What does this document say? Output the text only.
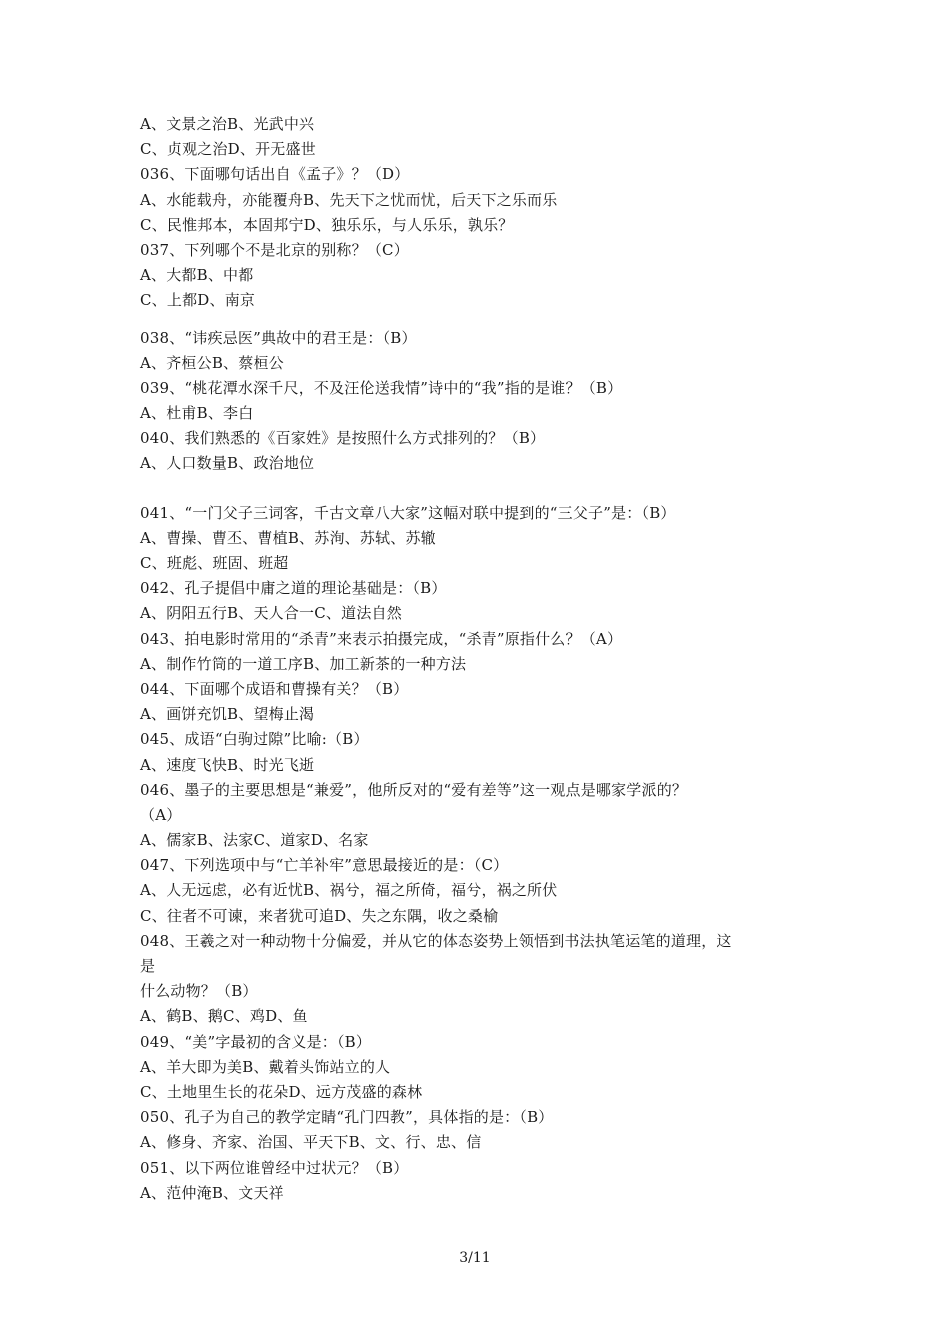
A、文景之治B、光武中兴
C、贞观之治D、开无盛世
036、下面哪句话出自《孟子》？（D）
A、水能载舟，亦能覆舟B、先天下之忧而忧，后天下之乐而乐
C、民惟邦本，本固邦宁D、独乐乐，与人乐乐，孰乐？
037、下列哪个不是北京的别称？（C）
A、大都B、中都
C、上都D、南京
038、“讳疾忌医”典故中的君王是：（B）
A、齐桓公B、蔡桓公
039、“桃花潭水深千尺，不及汪伦送我情”诗中的“我”指的是谁？（B）
A、杜甫B、李白
040、我们熟悉的《百家姓》是按照什么方式排列的？（B）
A、人口数量B、政治地位
041、“一门父子三词客，千古文章八大家”这幅对联中提到的“三父子”是：（B）
A、曹操、曹丕、曹植B、苏洵、苏轼、苏辙
C、班彪、班固、班超
042、孔子提倡中庸之道的理论基础是：（B）
A、阴阳五行B、天人合一C、道法自然
043、拍电影时常用的“杀青”来表示拍摄完成，“杀青”原指什么？（A）
A、制作竹筒的一道工序B、加工新茶的一种方法
044、下面哪个成语和曹操有关？（B）
A、画饼充饥B、望梅止渴
045、成语“白驹过隙”比喻:（B）
A、速度飞快B、时光飞逝
046、墨子的主要思想是“兼爱”，他所反对的“爱有差等”这一观点是哪家学派的？
（A）
A、儒家B、法家C、道家D、名家
047、下列选项中与“亡羊补牢”意思最接近的是：（C）
A、人无远虑，必有近忧B、祸兮，福之所倚，福兮，祸之所伏
C、往者不可谏，来者犹可追D、失之东隅，收之桑榆
048、王羲之对一种动物十分偏爱，并从它的体态姿势上领悟到书法执笔运笔的道理，这
是
什么动物？（B）
A、鹤B、鹅C、鸡D、鱼
049、“美”字最初的含义是：（B）
A、羊大即为美B、戴着头饰站立的人
C、土地里生长的花朵D、远方茂盛的森林
050、孔子为自己的教学定睛“孔门四教”，具体指的是：（B）
A、修身、齐家、治国、平天下B、文、行、忠、信
051、以下两位谁曾经中过状元？（B）
A、范仲淹B、文天祥
3/11
